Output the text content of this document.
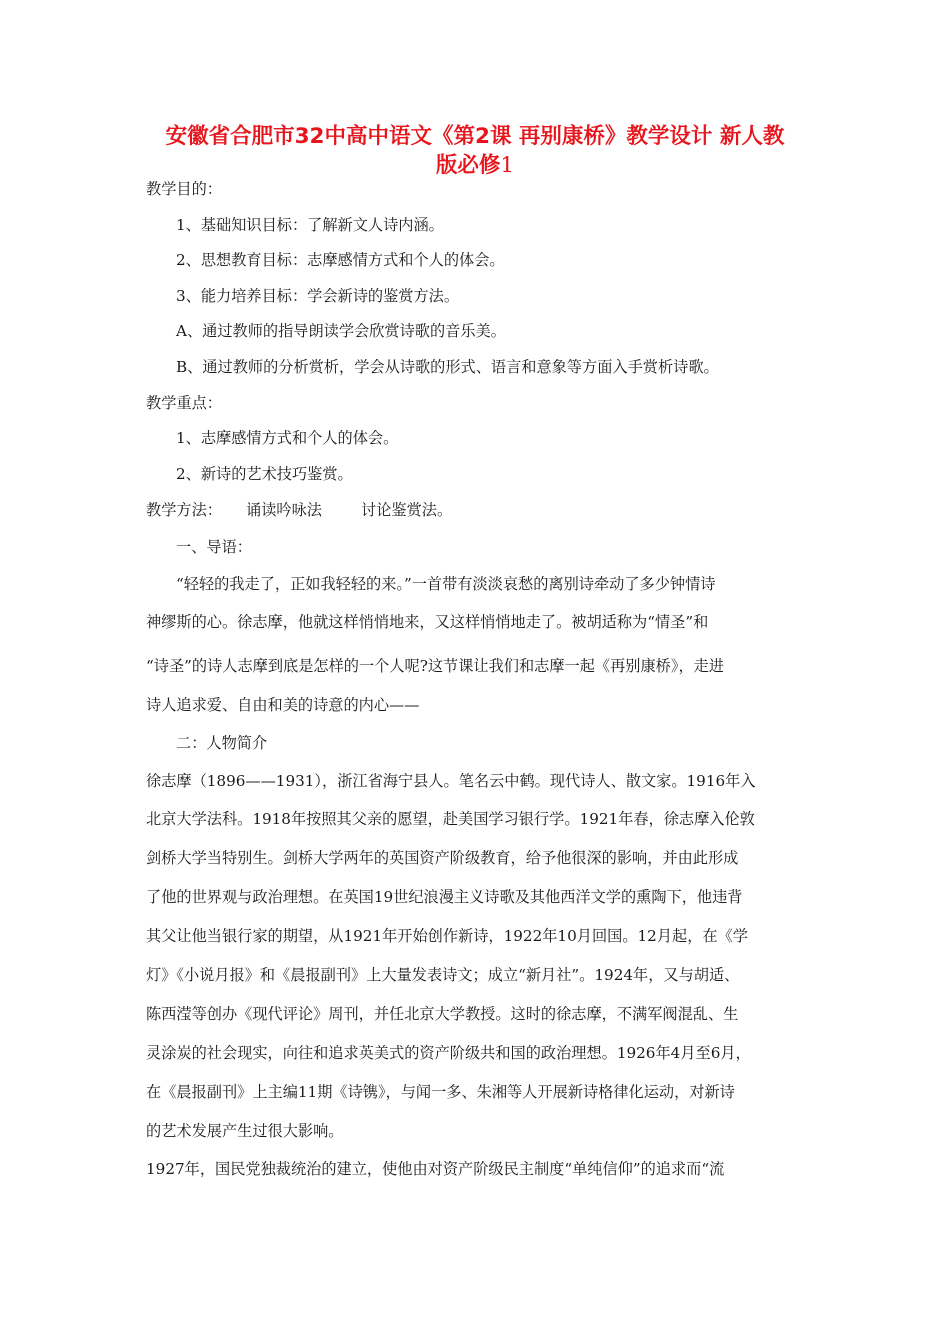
安徽省合肥市32中高中语文《第2课 再别康桥》教学设计 新人教
版必修1
教学目的：
1、基础知识目标：了解新文人诗内涵。
2、思想教育目标：志摩感情方式和个人的体会。
3、能力培养目标：学会新诗的鉴赏方法。
A、通过教师的指导朗读学会欣赏诗歌的音乐美。
B、通过教师的分析赏析，学会从诗歌的形式、语言和意象等方面入手赏析诗歌。
教学重点：
1、志摩感情方式和个人的体会。
2、新诗的艺术技巧鉴赏。
教学方法： 诵读吟咏法	讨论鉴赏法。
一、导语：
“轻轻的我走了，正如我轻轻的来。”一首带有淡淡哀愁的离别诗牵动了多少钟情诗
神缪斯的心。徐志摩，他就这样悄悄地来，又这样悄悄地走了。被胡适称为“情圣”和
“诗圣”的诗人志摩到底是怎样的一个人呢?这节课让我们和志摩一起《再别康桥》，走进
诗人追求爱、自由和美的诗意的内心——
二：人物简介
徐志摩（1896——1931），浙江省海宁县人。笔名云中鹤。现代诗人、散文家。1916年入
北京大学法科。1918年按照其父亲的愿望，赴美国学习银行学。1921年春，徐志摩入伦敦
剑桥大学当特别生。剑桥大学两年的英国资产阶级教育，给予他很深的影响，并由此形成
了他的世界观与政治理想。在英国19世纪浪漫主义诗歌及其他西洋文学的熏陶下，他违背
其父让他当银行家的期望，从1921年开始创作新诗，1922年10月回国。12月起，在《学
灯》《小说月报》和《晨报副刊》上大量发表诗文；成立“新月社”。1924年，又与胡适、
陈西滢等创办《现代评论》周刊，并任北京大学教授。这时的徐志摩，不满军阀混乱、生
灵涂炭的社会现实，向往和追求英美式的资产阶级共和国的政治理想。1926年4月至6月，
在《晨报副刊》上主编11期《诗镌》，与闻一多、朱湘等人开展新诗格律化运动，对新诗
的艺术发展产生过很大影响。
1927年，国民党独裁统治的建立，使他由对资产阶级民主制度“单纯信仰”的追求而“流
